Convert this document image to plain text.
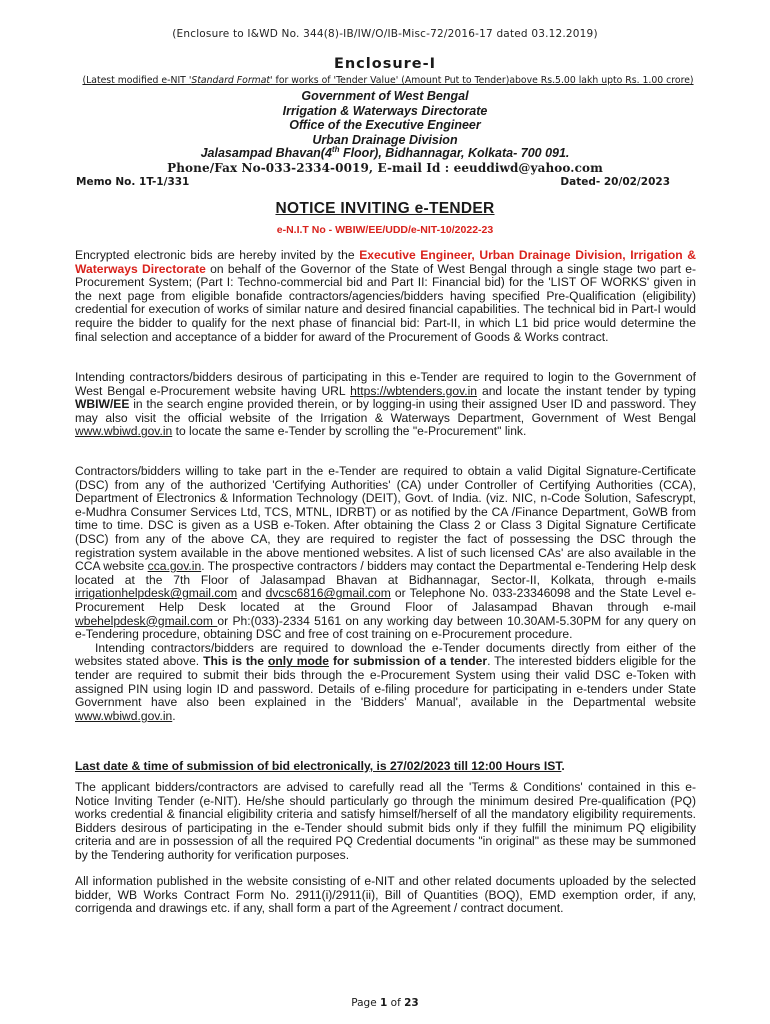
(Enclosure to I&WD No. 344(8)-IB/IW/O/IB-Misc-72/2016-17 dated 03.12.2019)
Enclosure-I
(Latest modified e-NIT 'Standard Format' for works of 'Tender Value' (Amount Put to Tender)above Rs.5.00 lakh upto Rs. 1.00 crore)
Government of West Bengal
Irrigation & Waterways Directorate
Office of the Executive Engineer
Urban Drainage Division
Jalasampad Bhavan(4th Floor), Bidhannagar, Kolkata- 700 091.
Phone/Fax No-033-2334-0019, E-mail Id : eeuddiwd@yahoo.com
Memo No. 1T-1/331	Dated- 20/02/2023
NOTICE INVITING e-TENDER
e-N.I.T No - WBIW/EE/UDD/e-NIT-10/2022-23

Encrypted electronic bids are hereby invited by the Executive Engineer, Urban Drainage Division, Irrigation & Waterways Directorate on behalf of the Governor of the State of West Bengal through a single stage two part e-Procurement System; (Part I: Techno-commercial bid and Part II: Financial bid) for the 'LIST OF WORKS' given in the next page from eligible bonafide contractors/agencies/bidders having specified Pre-Qualification (eligibility) credential for execution of works of similar nature and desired financial capabilities. The technical bid in Part-I would require the bidder to qualify for the next phase of financial bid: Part-II, in which L1 bid price would determine the final selection and acceptance of a bidder for award of the Procurement of Goods & Works contract.

Intending contractors/bidders desirous of participating in this e-Tender are required to login to the Government of West Bengal e-Procurement website having URL https://wbtenders.gov.in and locate the instant tender by typing WBIW/EE in the search engine provided therein, or by logging-in using their assigned User ID and password. They may also visit the official website of the Irrigation & Waterways Department, Government of West Bengal www.wbiwd.gov.in to locate the same e-Tender by scrolling the "e-Procurement" link.

Contractors/bidders willing to take part in the e-Tender are required to obtain a valid Digital Signature-Certificate (DSC) from any of the authorized 'Certifying Authorities' (CA) under Controller of Certifying Authorities (CCA), Department of Electronics & Information Technology (DEIT), Govt. of India. (viz. NIC, n-Code Solution, Safescrypt, e-Mudhra Consumer Services Ltd, TCS, MTNL, IDRBT) or as notified by the CA /Finance Department, GoWB from time to time. DSC is given as a USB e-Token. After obtaining the Class 2 or Class 3 Digital Signature Certificate (DSC) from any of the above CA, they are required to register the fact of possessing the DSC through the registration system available in the above mentioned websites. A list of such licensed CAs' are also available in the CCA website cca.gov.in. The prospective contractors / bidders may contact the Departmental e-Tendering Help desk located at the 7th Floor of Jalasampad Bhavan at Bidhannagar, Sector-II, Kolkata, through e-mails irrigationhelpdesk@gmail.com and dvcsc6816@gmail.com or Telephone No. 033-23346098 and the State Level e-Procurement Help Desk located at the Ground Floor of Jalasampad Bhavan through e-mail wbehelpdesk@gmail.com or Ph:(033)-2334 5161 on any working day between 10.30AM-5.30PM for any query on e-Tendering procedure, obtaining DSC and free of cost training on e-Procurement procedure.

Intending contractors/bidders are required to download the e-Tender documents directly from either of the websites stated above. This is the only mode for submission of a tender. The interested bidders eligible for the tender are required to submit their bids through the e-Procurement System using their valid DSC e-Token with assigned PIN using login ID and password. Details of e-filing procedure for participating in e-tenders under State Government have also been explained in the 'Bidders' Manual', available in the Departmental website www.wbiwd.gov.in.

Last date & time of submission of bid electronically, is 27/02/2023 till 12:00 Hours IST.

The applicant bidders/contractors are advised to carefully read all the 'Terms & Conditions' contained in this e-Notice Inviting Tender (e-NIT). He/she should particularly go through the minimum desired Pre-qualification (PQ) works credential & financial eligibility criteria and satisfy himself/herself of all the mandatory eligibility requirements. Bidders desirous of participating in the e-Tender should submit bids only if they fulfill the minimum PQ eligibility criteria and are in possession of all the required PQ Credential documents "in original" as these may be summoned by the Tendering authority for verification purposes.

All information published in the website consisting of e-NIT and other related documents uploaded by the selected bidder, WB Works Contract Form No. 2911(i)/2911(ii), Bill of Quantities (BOQ), EMD exemption order, if any, corrigenda and drawings etc. if any, shall form a part of the Agreement / contract document.

Page 1 of 23
